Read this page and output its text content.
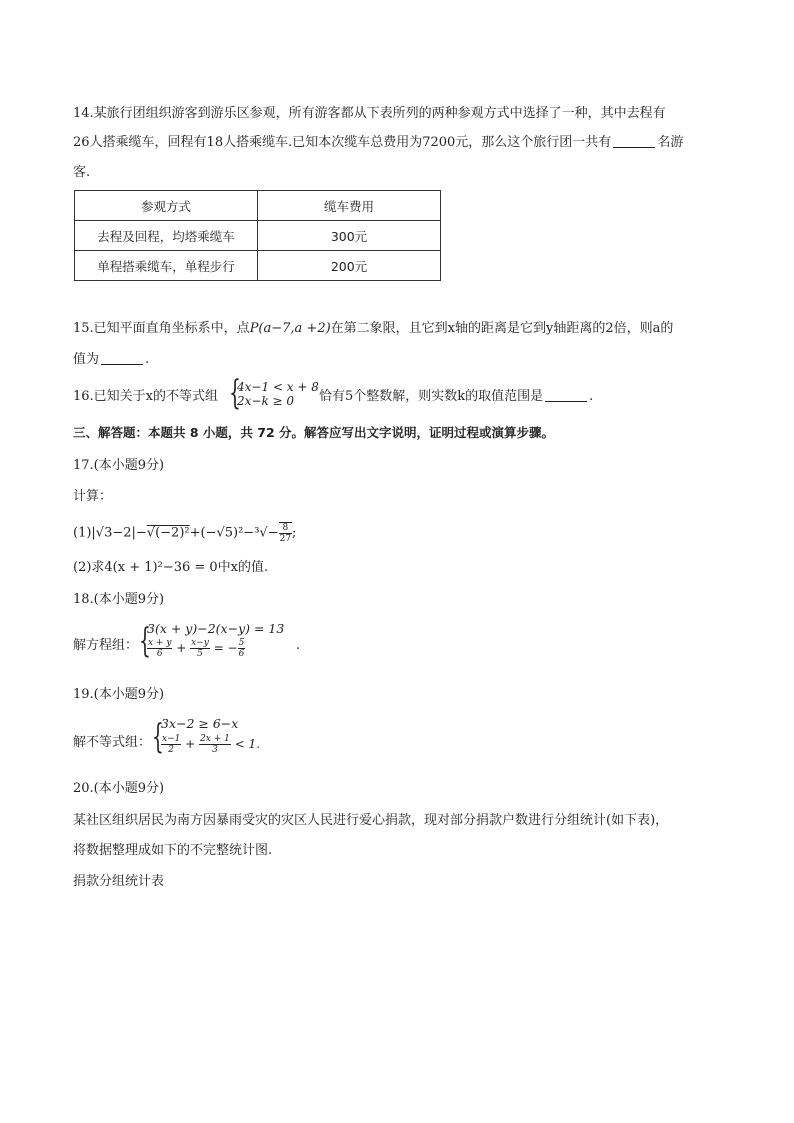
14.某旅行团组织游客到游乐区参观，所有游客都从下表所列的两种参观方式中选择了一种，其中去程有
26人搭乘缆车，回程有18人搭乘缆车.已知本次缆车总费用为7200元，那么这个旅行团一共有	名游
客.
参观方式	缆车费用
去程及回程，均塔乘缆车	300元
单程搭乘缆车，单程步行	200元
15.已知平面直角坐标系中，点P(a−7,a +2)在第二象限，且它到x轴的距离是它到y轴距离的2倍，则a的
值为	.
16.已知关于x的不等式组 {
4x−1 < x + 8
2x−k ≥ 0 恰有5个整数解，则实数k的取值范围是	.
三、解答题：本题共 8 小题，共 72 分。解答应写出文字说明，证明过程或演算步骤。
17.(本小题9分)
计算：
$(1)|√3-2|-√(-2)^2+(-√5)^2-^3√- \frac{8}{27}$ ;
(2)求4(x + 1)²−36 = 0中x的值.
18.(本小题9分)
解方程组： {
3(x + y)−2(x−y) = 13
$\frac{x + y}{6} + \frac{x-y}{5}$ = − $\frac{5}{6}$	.
19.(本小题9分)
解不等式组： {
3x−2 ≥ 6−x
$\frac{x-1}{2} + \frac{2x + 1}{3} < 1$.
20.(本小题9分)
某社区组织居民为南方因暴雨受灾的灾区人民进行爱心捐款，现对部分捐款户数进行分组统计(如下表)，
将数据整理成如下的不完整统计图.
捐款分组统计表
